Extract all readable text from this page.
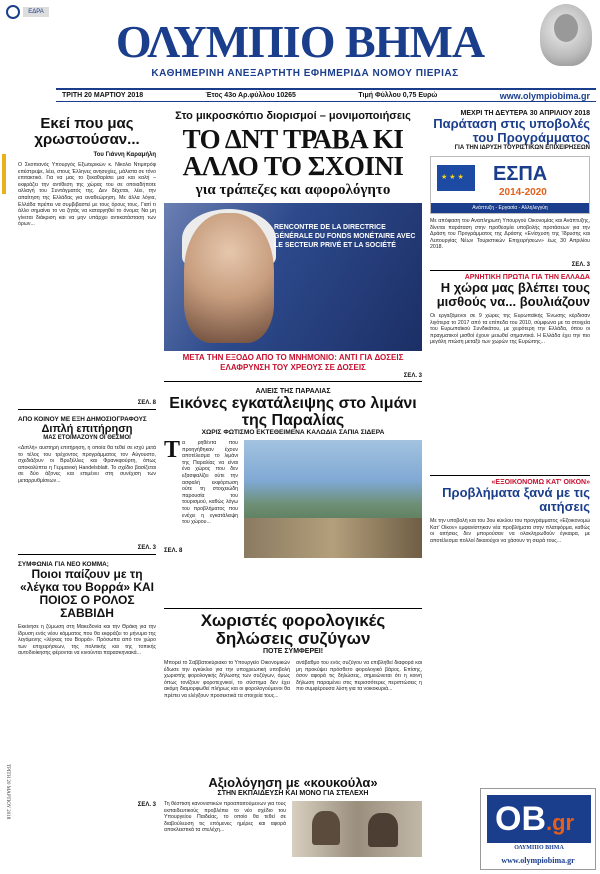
ΕΔΡΑ
ΟΛΥΜΠΙΟ ΒΗΜΑ
ΚΑΘΗΜΕΡΙΝΗ ΑΝΕΞΑΡΤΗΤΗ ΕΦΗΜΕΡΙΔΑ ΝΟΜΟΥ ΠΙΕΡΙΑΣ
ΤΡΙΤΗ 20 ΜΑΡΤΙΟΥ 2018	Έτος 43ο Αρ.φύλλου 10265	Τιμή Φύλλου 0,75 Ευρώ	www.olympiobima.gr
ΤΡΙΤΗ 20 ΜΑΡΤΙΟΥ 2018
Εκεί που μας χρωστούσαν...
Του Γιάννη Καραμήλη
Ο Σκοπιανός Υπουργός Εξωτερικών κ. Νίκολα Ντιμιτρόφ επέστρεψε, λέει, στους Έλληνες ανησυχίες, μάλιστα σε τόνο επιτακτικό. Για να μας το ξεκαθαρίσει μια και καλή – εκφράζει την αντίθεση της χώρας του σε οποιαδήποτε αλλαγή του Συντάγματός της. Δεν δέχεται, λέει, την απαίτηση της Ελλάδας για αναθεώρηση. Με άλλα λόγια, Ελλάδα πρέπει να συμβιβαστεί με τους όρους τους. Γιατί τι άλλο σημαίνει το να ζητάς να καταργηθεί το όνομα; Να μη γίνεται διάκριση και να μην υπάρχει αντικατάσταση των όρων...
ΣΕΛ. 8
ΑΠΟ ΚΟΙΝΟΥ ΜΕ ΕΞΗ ΔΗΜΟΣΙΟΓΡΑΦΟΥΣ
Διπλή επιτήρηση
ΜΑΣ ΕΤΟΙΜΑΖΟΥΝ ΟΙ ΘΕΣΜΟΙ
«Διπλή» αυστηρή επιτήρηση, η οποία θα τεθεί σε ισχύ μετά το τέλος του τρέχοντος προγράμματος τον Αύγουστο, σχεδιάζουν οι Βρυξέλλες και Φρανκφούρτη, όπως αποκαλύπτει η Γερμανική Handelsblatt. Το σχέδιο βασίζεται σε δύο άξονες και επιμένει στη συνέχιση των μεταρρυθμίσεων...
ΣΕΛ. 3
ΣΥΜΦΩΝΙΑ ΓΙΑ ΝΕΟ ΚΟΜΜΑ;
Ποιοι παίζουν με τη «λέγκα του Βορρά» ΚΑΙ ΠΟΙΟΣ Ο ΡΟΛΟΣ ΣΑΒΒΙΔΗ
Εκκίνησε η ζύμωση στη Μακεδονία και την Θράκη για την ίδρυση ενός νέου κόμματος που θα εκφράζει το μήνυμα της λεγόμενης «λέγκας του Βορρά». Πρόσωπα από τον χώρο των επιχειρήσεων, της πολιτικής και της τοπικής αυτοδιοίκησης φέρονται να κινούνται παρασκηνιακά...
ΣΕΛ. 3
Στο μικροσκόπιο διορισμοί – μονιμοποιήσεις
ΤΟ ΔΝΤ ΤΡΑΒΑ ΚΙ ΑΛΛΟ ΤΟ ΣΧΟΙΝΙ
για τράπεζες και αφορολόγητο
RENCONTRE DE LA DIRECTRICE GÉNÉRALE DU FONDS MONÉTAIRE AVEC LE SECTEUR PRIVÉ ET LA SOCIÉTÉ
ΜΕΤΑ ΤΗΝ ΕΞΟΔΟ ΑΠΟ ΤΟ ΜΝΗΜΟΝΙΟ: ΑΝΤΙ ΓΙΑ ΔΟΣΕΙΣ ΕΛΑΦΡΥΝΣΗ ΤΟΥ ΧΡΕΟΥΣ ΣΕ ΔΟΣΕΙΣ
ΣΕΛ. 3
ΑΛΙΕΙΣ ΤΗΣ ΠΑΡΑΛΙΑΣ
Εικόνες εγκατάλειψης στο λιμάνι της Παραλίας
ΧΩΡΙΣ ΦΩΤΙΣΜΟ ΕΚΤΕΘΕΙΜΕΝΑ ΚΑΛΩΔΙΑ ΣΑΠΙΑ ΣΙΔΕΡΑ
Τ α ρηθέντα που προηγήθηκαν έχουν αποτέλεσμα το λιμάνι της Παραλίας να είναι ένα χώρος που δεν εξασφαλίζει ούτε την ασφαλή εκφόρτωση ούτε τη στοιχειώδη παρουσία του τουρισμού, καθώς λόγω του προβλήματος που ενέχει η εγκατάλειψη του χώρου...
ΣΕΛ. 8
Χωριστές φορολογικές δηλώσεις συζύγων
ΠΟΤΕ ΣΥΜΦΕΡΕΙ!
Μπορεί το Σαββατοκύριακο το Υπουργείο Οικονομικών έδωσε την εγκύκλιο για την υποχρεωτική υποβολή χωριστής φορολογικής δήλωσης των συζύγων, όμως όπως τονίζουν φοροτεχνικοί, το σύστημα δεν έχει ακόμη διαμορφωθεί πλήρως και οι φορολογούμενοι θα πρέπει να ελέγξουν προσεκτικά τα στοιχεία τους...
ανάβαθμο του ενός συζύγου να επιβληθεί διαφορά και μη προκύψει πρόσθετο φορολογικό βάρος. Επίσης, όσον αφορά τις δηλώσεις, σημειώνεται ότι η κοινή δήλωση παραμένει στις περισσότερες περιπτώσεις η πιο συμφέρουσα λύση για τα νοικοκυριά...
Αξιολόγηση με «κουκούλα»
ΣΤΗΝ ΕΚΠΑΙΔΕΥΣΗ ΚΑΙ ΜΟΝΟ ΓΙΑ ΣΤΕΛΕΧΗ
Τη θέσπιση κανονιστικών προαπαιτούμενων για τους εκπαιδευτικούς προβλέπει το νέο σχέδιο του Υπουργείου Παιδείας, το οποίο θα τεθεί σε διαβούλευση τις επόμενες ημέρες και αφορά αποκλειστικά τα στελέχη...
ΜΕΧΡΙ ΤΗ ΔΕΥΤΕΡΑ 30 ΑΠΡΙΛΙΟΥ 2018
Παράταση στις υποβολές του Προγράμματος
ΓΙΑ ΤΗΝ ΙΔΡΥΣΗ ΤΟΥΡΙΣΤΙΚΩΝ ΕΠΙΧΕΙΡΗΣΕΩΝ
★ ★ ★
ΕΣΠΑ
2014-2020
Ανάπτυξη - Εργασία - Αλληλεγγύη
Με απόφαση του Αναπληρωτή Υπουργού Οικονομίας και Ανάπτυξης, δίνεται παράταση στην προθεσμία υποβολής προτάσεων για την Δράση του Προγράμματος της Δράσης «Ενίσχυση της Ίδρυσης και Λειτουργίας Νέων Τουριστικών Επιχειρήσεων» έως 30 Απριλίου 2018.
ΣΕΛ. 3
ΑΡΝΗΤΙΚΗ ΠΡΩΤΙΑ ΓΙΑ ΤΗΝ ΕΛΛΑΔΑ
Η χώρα μας βλέπει τους μισθούς να... βουλιάζουν
Οι εργαζόμενοι σε 9 χώρες της Ευρωπαϊκής Ένωσης κέρδισαν λιγότερα το 2017 από τα επίπεδα του 2010, σύμφωνα με τα στοιχεία του Ευρωπαϊκού Συνδικάτου, με χειρότερη την Ελλάδα, όπου οι πραγματικοί μισθοί έχουν μειωθεί σημαντικά. Η Ελλάδα έχει την πιο μεγάλη πτώση μεταξύ των χωρών της Ευρώπης...
«ΕΞΟΙΚΟΝΟΜΩ ΚΑΤ' ΟΙΚΟΝ»
Προβλήματα ξανά με τις αιτήσεις
Με την υποβολή και του 3ου κύκλου του προγράμματος «Εξοικονομώ Κατ' Οίκον» εμφανίστηκαν νέα προβλήματα στην πλατφόρμα, καθώς οι αιτήσεις δεν μπορούσαν να ολοκληρωθούν έγκαιρα, με αποτέλεσμα πολλοί δικαιούχοι να χάσουν τη σειρά τους...
OB.gr
ΟΛΥΜΠΙΟ ΒΗΜΑ
www.olympiobima.gr
